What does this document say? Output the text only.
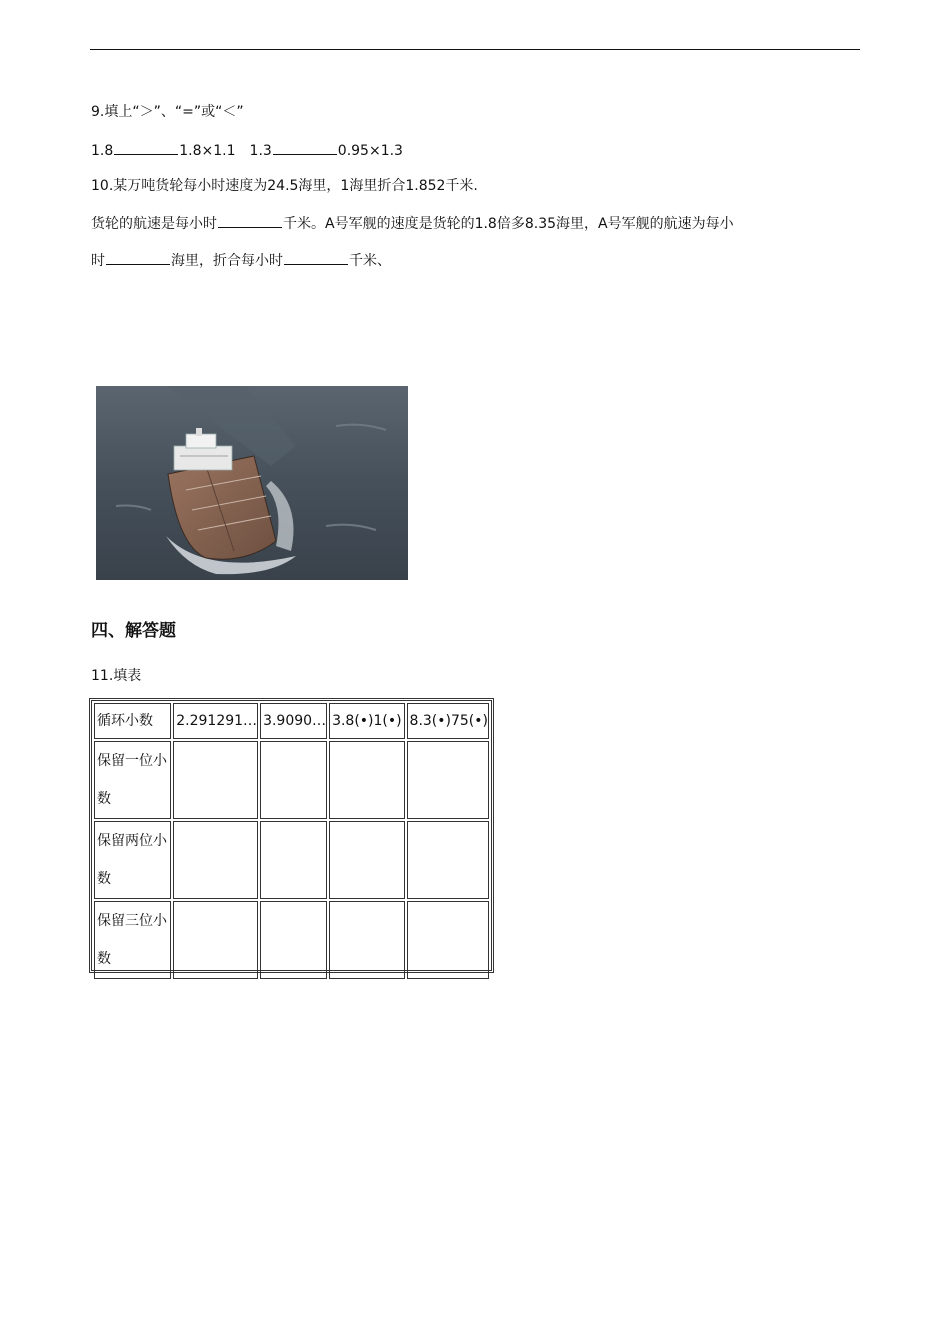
9.填上“＞”、“=”或“＜”
1.8	1.8×1.1 1.3	0.95×1.3
10.某万吨货轮每小时速度为24.5海里，1海里折合1.852千米.
货轮的航速是每小时	千米。A号军舰的速度是货轮的1.8倍多8.35海里，A号军舰的航速为每小
时	海里，折合每小时	千米、
四、解答题
11.填表
循环小数	2.291291…	3.9090…	3.8(•)1(•)	8.3(•)75(•)
保留一位小数				
保留两位小数				
保留三位小数				
